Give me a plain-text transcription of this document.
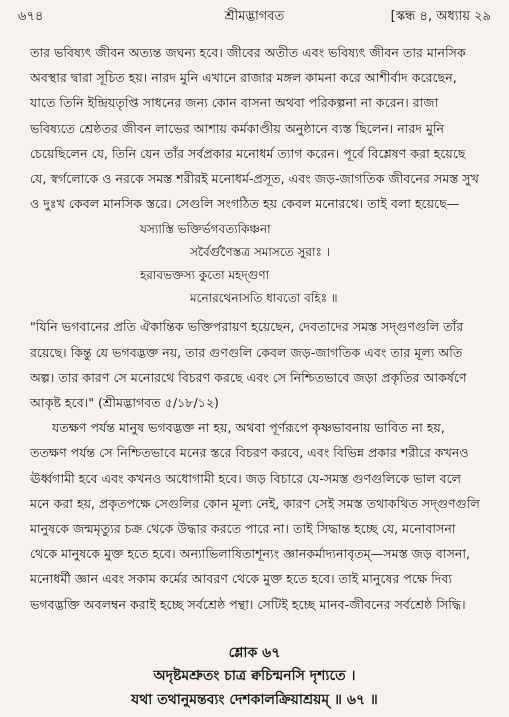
৬৭৪	শ্রীমদ্ভাগবত	[স্কন্ধ ৪, অধ্যায় ২৯

তার ভবিষ্যৎ জীবন অত্যন্ত জঘন্য হবে। জীবের অতীত এবং ভবিষ্যৎ জীবন তার মানসিক অবস্থার দ্বারা সূচিত হয়। নারদ মুনি এখানে রাজার মঙ্গল কামনা করে আশীর্বাদ করেছেন, যাতে তিনি ইন্দ্রিয়তৃপ্তি সাধনের জন্য কোন বাসনা অথবা পরিকল্পনা না করেন। রাজা ভবিষ্যতে শ্রেষ্ঠতর জীবন লাভের আশায় কর্মকাণ্ডীয় অনুষ্ঠানে ব্যস্ত ছিলেন। নারদ মুনি চেয়েছিলেন যে, তিনি যেন তাঁর সর্বপ্রকার মনোধর্ম ত্যাগ করেন। পূর্বে বিশ্লেষণ করা হয়েছে যে, স্বর্গলোকে ও নরকে সমস্ত শরীরই মনোধর্ম-প্রসূত, এবং জড়-জাগতিক জীবনের সমস্ত সুখ ও দুঃখ কেবল মানসিক স্তরে। সেগুলি সংগঠিত হয় কেবল মনোরথে। তাই বলা হয়েছে—

যস্যাস্তি ভক্তির্ভগবত্যকিঞ্চনা
সর্বৈর্গুণৈস্তত্র সমাসতে সুরাঃ ।
হরাবভক্তস্য কুতো মহদ্গুণা
মনোরথেনাসতি ধাবতো বহিঃ ॥

"যিনি ভগবানের প্রতি ঐকান্তিক ভক্তিপরায়ণ হয়েছেন, দেবতাদের সমস্ত সদ্গুণগুলি তাঁর রয়েছে। কিন্তু যে ভগবদ্ভক্ত নয়, তার গুণগুলি কেবল জড়-জাগতিক এবং তার মূল্য অতি অল্প। তার কারণ সে মনোরথে বিচরণ করছে এবং সে নিশ্চিতভাবে জড়া প্রকৃতির আকর্ষণে আকৃষ্ট হবে।" (শ্রীমদ্ভাগবত ৫/১৮/১২)

যতক্ষণ পর্যন্ত মানুষ ভগবদ্ভক্ত না হয়, অথবা পূর্ণরূপে কৃষ্ণভাবনায় ভাবিত না হয়, ততক্ষণ পর্যন্ত সে নিশ্চিতভাবে মনের স্তরে বিচরণ করবে, এবং বিভিন্ন প্রকার শরীরে কখনও ঊর্ধ্বগামী হবে এবং কখনও অধোগামী হবে। জড় বিচারে যে-সমস্ত গুণগুলিকে ভাল বলে মনে করা হয়, প্রকৃতপক্ষে সেগুলির কোন মূল্য নেই, কারণ সেই সমস্ত তথাকথিত সদ্গুণগুলি মানুষকে জন্মমৃত্যুর চক্র থেকে উদ্ধার করতে পারে না। তাই সিদ্ধান্ত হচ্ছে যে, মনোবাসনা থেকে মানুষকে মুক্ত হতে হবে। অন্যাভিলাষিতাশূন্যং জ্ঞানকর্মাদ্যনাবৃতম্—সমস্ত জড় বাসনা, মনোধর্মী জ্ঞান এবং সকাম কর্মের আবরণ থেকে মুক্ত হতে হবে। তাই মানুষের পক্ষে দিব্য ভগবদ্ভক্তি অবলম্বন করাই হচ্ছে সর্বশ্রেষ্ঠ পন্থা। সেটিই হচ্ছে মানব-জীবনের সর্বশ্রেষ্ঠ সিদ্ধি।

শ্লোক ৬৭
অদৃষ্টমশ্রুতং চাত্র ক্বচিন্মনসি দৃশ্যতে ।
যথা তথানুমন্তব্যং দেশকালক্রিয়াশ্রয়ম্ ॥ ৬৭ ॥
